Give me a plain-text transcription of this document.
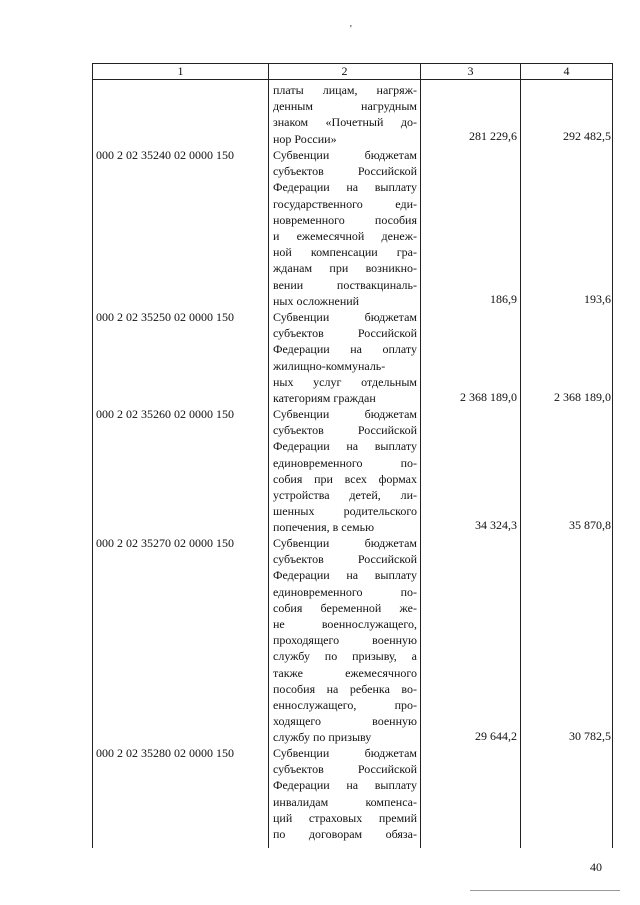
'
1	2	3	4
платы лицам, нагряж-
денным нагрудным
знаком «Почетный до-
нор России»	281 229,6	292 482,5
000 2 02 35240 02 0000 150	Субвенции бюджетам
субъектов Российской
Федерации на выплату
государственного еди-
новременного пособия
и ежемесячной денеж-
ной компенсации гра-
жданам при возникно-
вении поствакциналь-
ных осложнений	186,9	193,6
000 2 02 35250 02 0000 150	Субвенции бюджетам
субъектов Российской
Федерации на оплату
жилищно-коммуналь-
ных услуг отдельным
категориям граждан	2 368 189,0	2 368 189,0
000 2 02 35260 02 0000 150	Субвенции бюджетам
субъектов Российской
Федерации на выплату
единовременного по-
собия при всех формах
устройства детей, ли-
шенных родительского
попечения, в семью	34 324,3	35 870,8
000 2 02 35270 02 0000 150	Субвенции бюджетам
субъектов Российской
Федерации на выплату
единовременного по-
собия беременной же-
не военнослужащего,
проходящего военную
службу по призыву, а
также ежемесячного
пособия на ребенка во-
еннослужащего, про-
ходящего военную
службу по призыву	29 644,2	30 782,5
000 2 02 35280 02 0000 150	Субвенции бюджетам
субъектов Российской
Федерации на выплату
инвалидам компенса-
ций страховых премий
по договорам обяза-
40
